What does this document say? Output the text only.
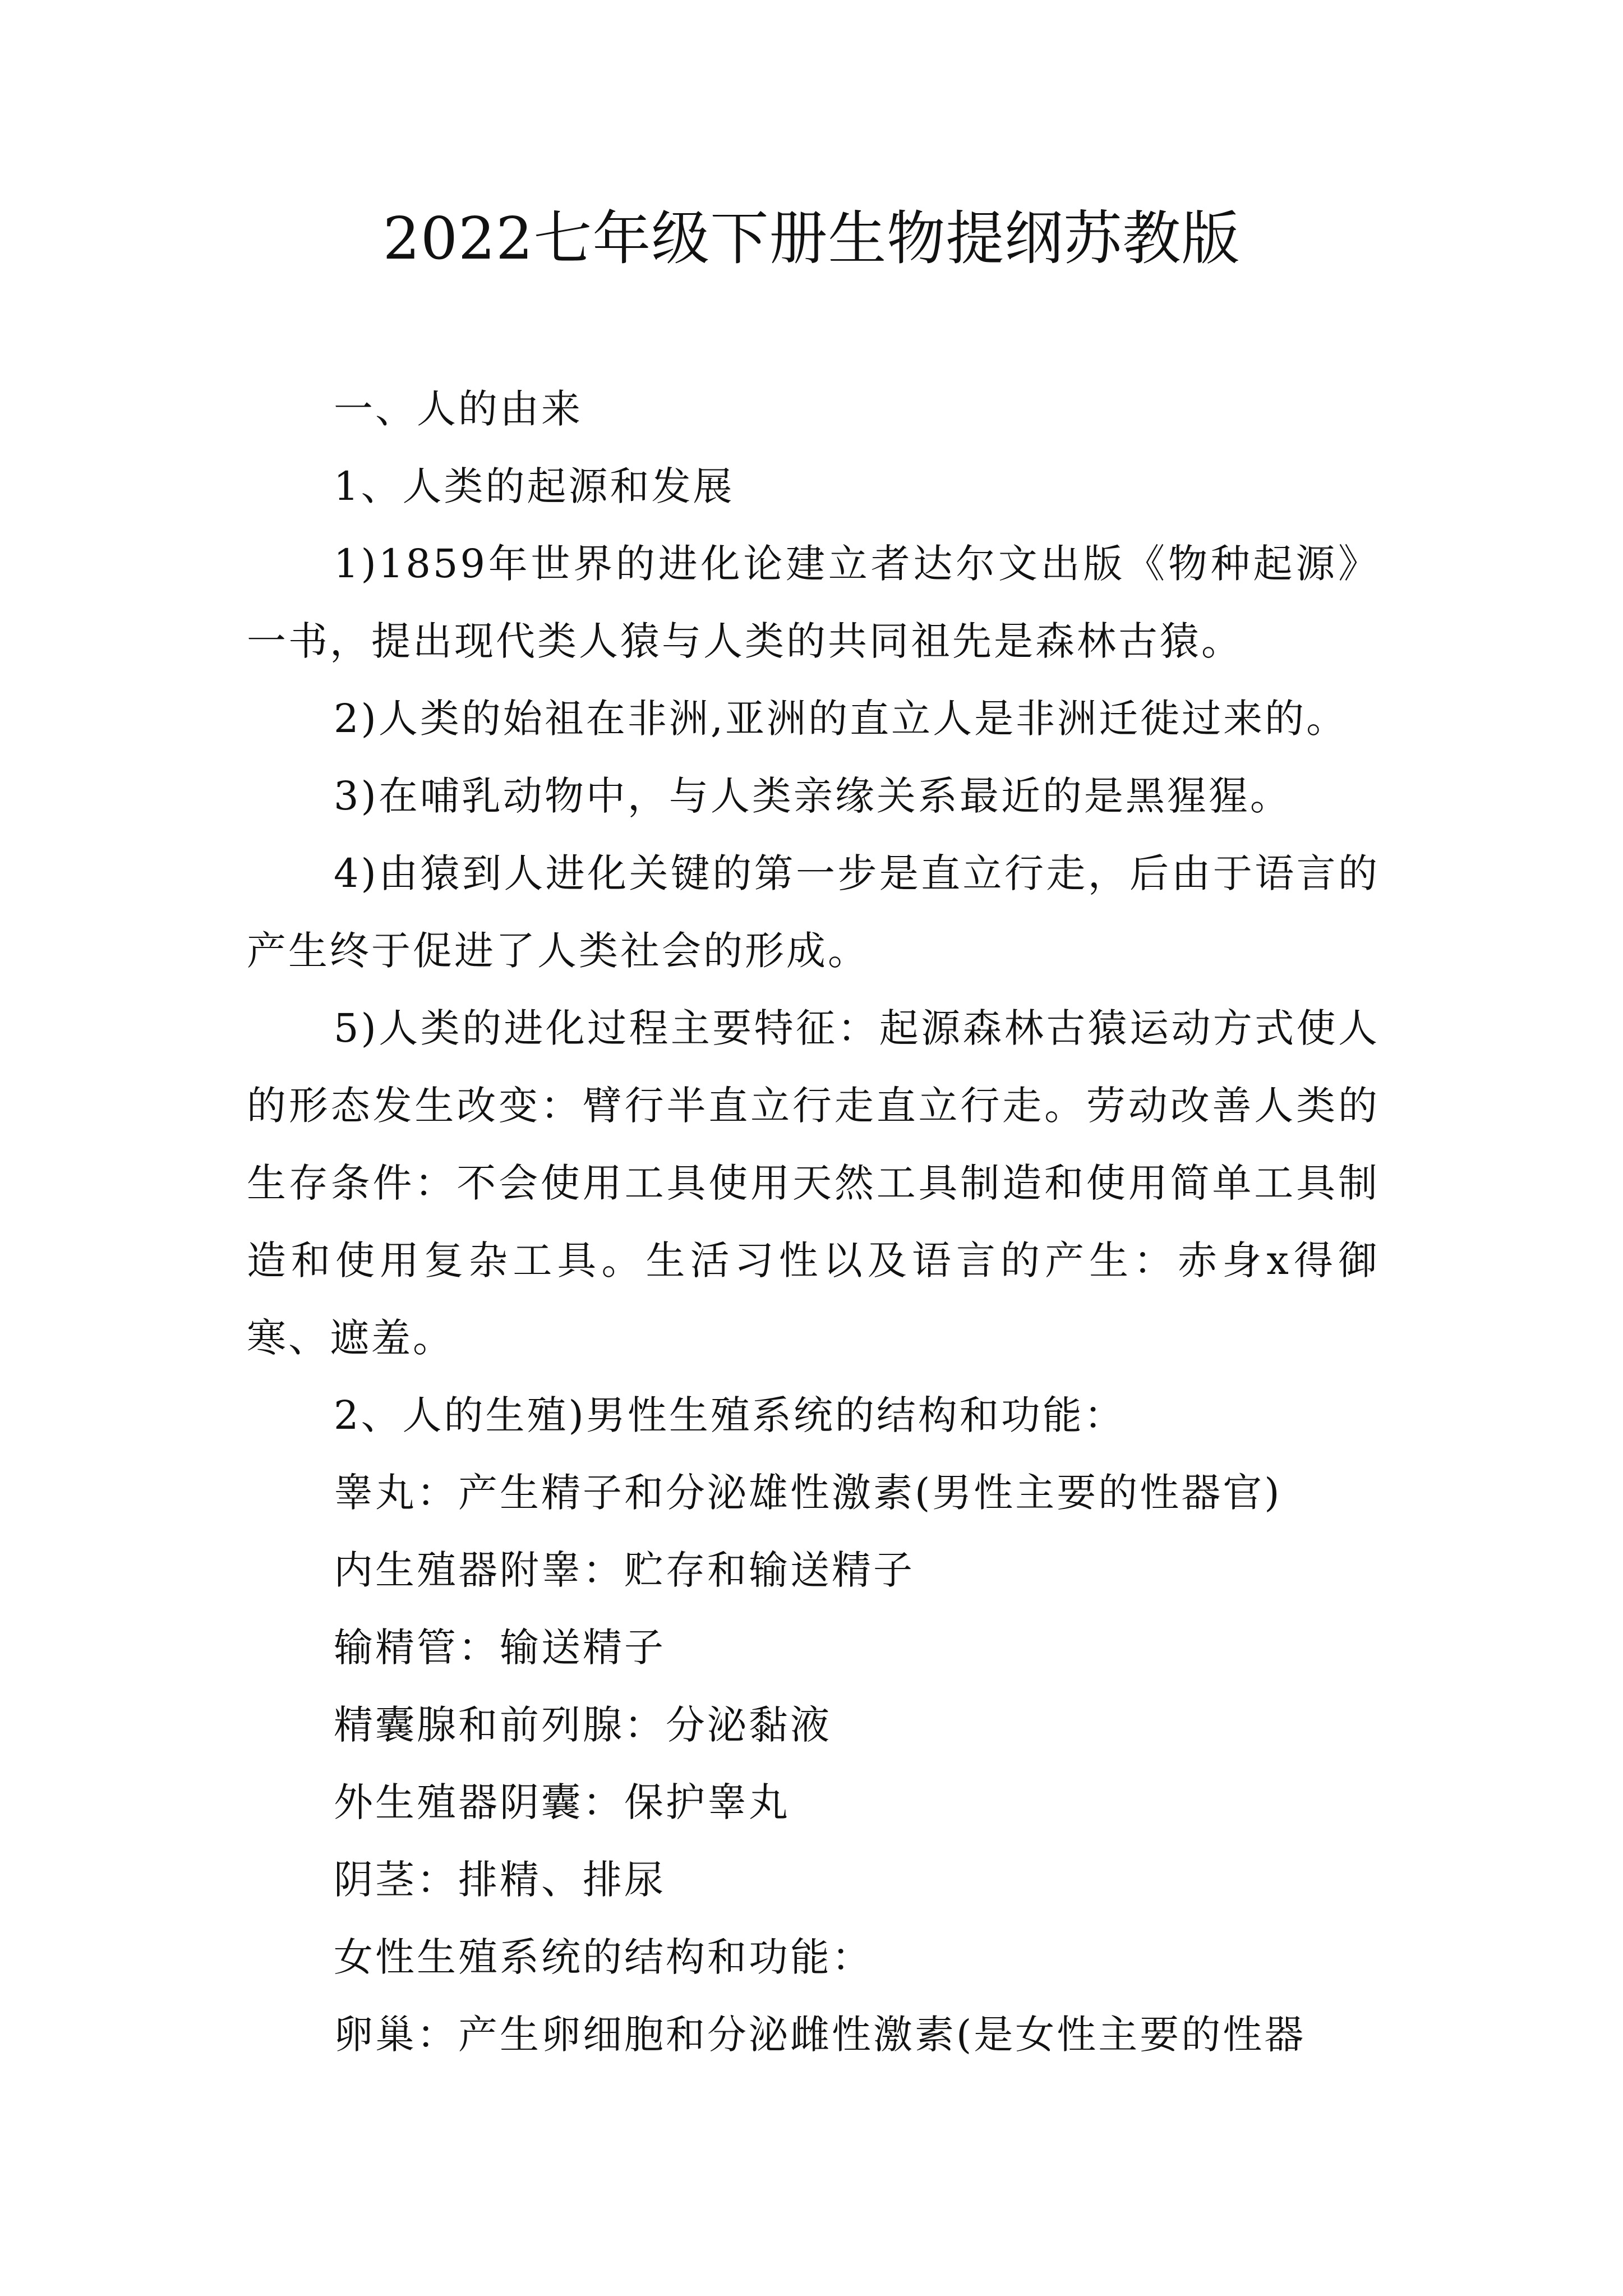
2022七年级下册生物提纲苏教版

一、人的由来

1、人类的起源和发展

1)1859年世界的进化论建立者达尔文出版《物种起源》一书，提出现代类人猿与人类的共同祖先是森林古猿。

2)人类的始祖在非洲,亚洲的直立人是非洲迁徙过来的。

3)在哺乳动物中，与人类亲缘关系最近的是黑猩猩。

4)由猿到人进化关键的第一步是直立行走，后由于语言的产生终于促进了人类社会的形成。

5)人类的进化过程主要特征：起源森林古猿运动方式使人的形态发生改变：臂行半直立行走直立行走。劳动改善人类的生存条件：不会使用工具使用天然工具制造和使用简单工具制造和使用复杂工具。生活习性以及语言的产生：赤身x得御寒、遮羞。

2、人的生殖)男性生殖系统的结构和功能：

睾丸：产生精子和分泌雄性激素(男性主要的性器官)

内生殖器附睾：贮存和输送精子

输精管：输送精子

精囊腺和前列腺：分泌黏液

外生殖器阴囊：保护睾丸

阴茎：排精、排尿

女性生殖系统的结构和功能：

卵巢：产生卵细胞和分泌雌性激素(是女性主要的性器
